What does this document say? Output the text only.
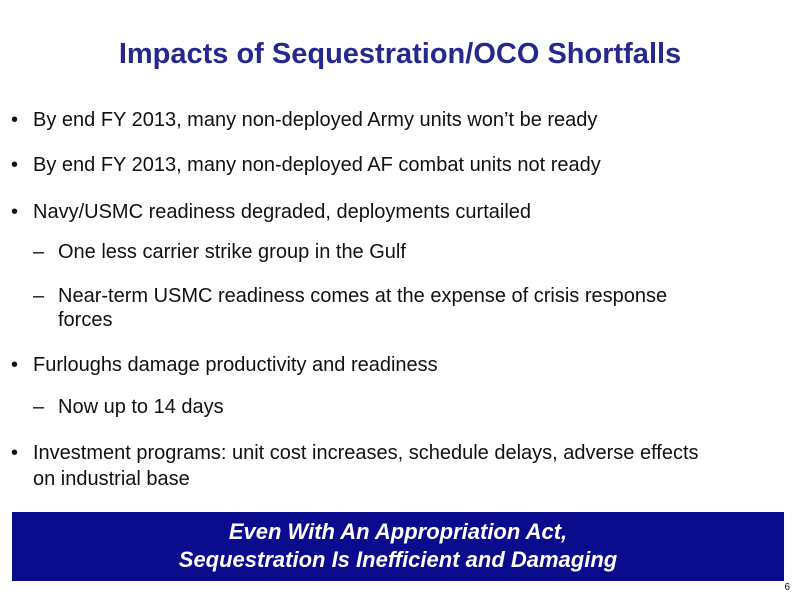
Impacts of Sequestration/OCO Shortfalls
• By end FY 2013, many non-deployed Army units won’t be ready
• By end FY 2013, many non-deployed AF combat units not ready
• Navy/USMC readiness degraded, deployments curtailed
– One less carrier strike group in the Gulf
– Near-term USMC readiness comes at the expense of crisis response
forces
• Furloughs damage productivity and readiness
– Now up to 14 days
• Investment programs: unit cost increases, schedule delays, adverse effects
on industrial base
Even With An Appropriation Act,
Sequestration Is Inefficient and Damaging
6
